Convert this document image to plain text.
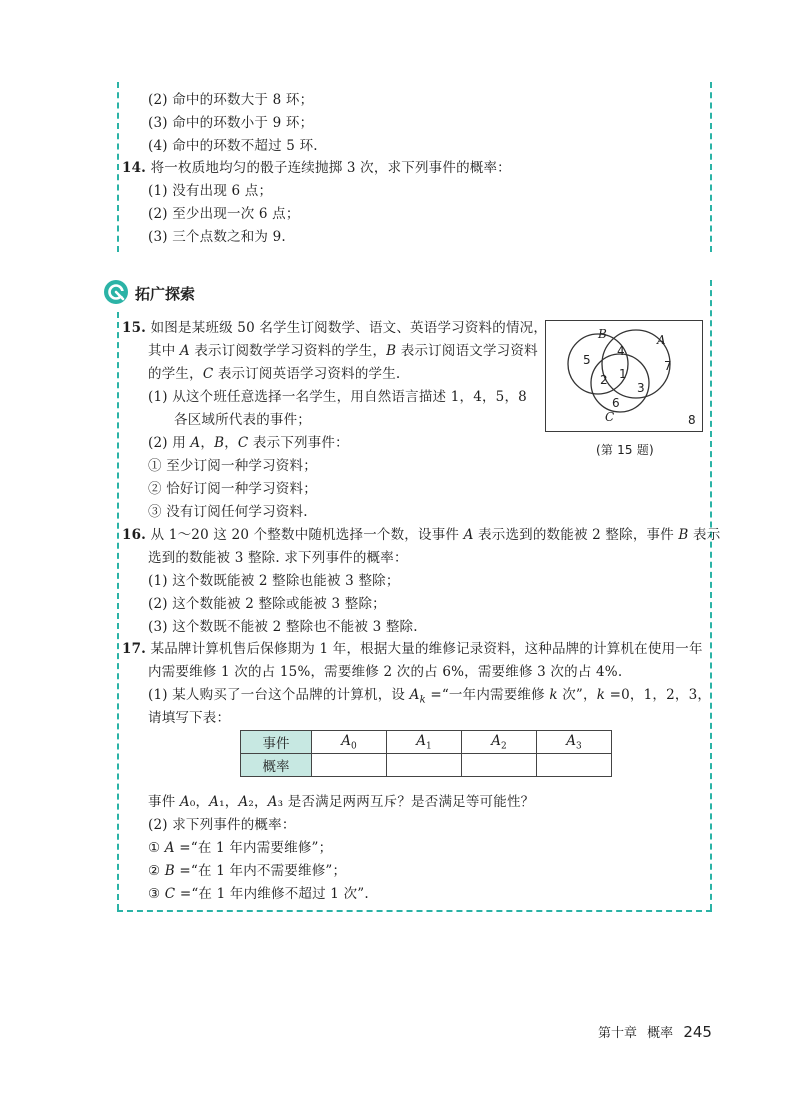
(2) 命中的环数大于 8 环；
(3) 命中的环数小于 9 环；
(4) 命中的环数不超过 5 环.
14. 将一枚质地均匀的骰子连续抛掷 3 次，求下列事件的概率：
(1) 没有出现 6 点；
(2) 至少出现一次 6 点；
(3) 三个点数之和为 9.
拓广探索
15. 如图是某班级 50 名学生订阅数学、语文、英语学习资料的情况，
其中 A 表示订阅数学学习资料的学生，B 表示订阅语文学习资料
的学生，C 表示订阅英语学习资料的学生.
(1) 从这个班任意选择一名学生，用自然语言描述 1，4，5，8
各区域所代表的事件；
(2) 用 A，B，C 表示下列事件：
① 至少订阅一种学习资料；
② 恰好订阅一种学习资料；
③ 没有订阅任何学习资料.
B	A
C
5
4
7
2 1
3
6
8
(第 15 题)
16. 从 1～20 这 20 个整数中随机选择一个数，设事件 A 表示选到的数能被 2 整除，事件 B 表示
选到的数能被 3 整除. 求下列事件的概率：
(1) 这个数既能被 2 整除也能被 3 整除；
(2) 这个数能被 2 整除或能被 3 整除；
(3) 这个数既不能被 2 整除也不能被 3 整除.
17. 某品牌计算机售后保修期为 1 年，根据大量的维修记录资料，这种品牌的计算机在使用一年
内需要维修 1 次的占 15%，需要维修 2 次的占 6%，需要维修 3 次的占 4%.
(1) 某人购买了一台这个品牌的计算机，设 $A_k$ =“一年内需要维修 k 次”，k =0，1，2，3，
请填写下表：
事件	$A_0$	$A_1$	$A_2$	$A_3$
概率				
事件 A₀，A₁，A₂，A₃ 是否满足两两互斥？是否满足等可能性？
(2) 求下列事件的概率：
① A =“在 1 年内需要维修”；
② B =“在 1 年内不需要维修”；
③ C =“在 1 年内维修不超过 1 次”.
第十章 概率 245
